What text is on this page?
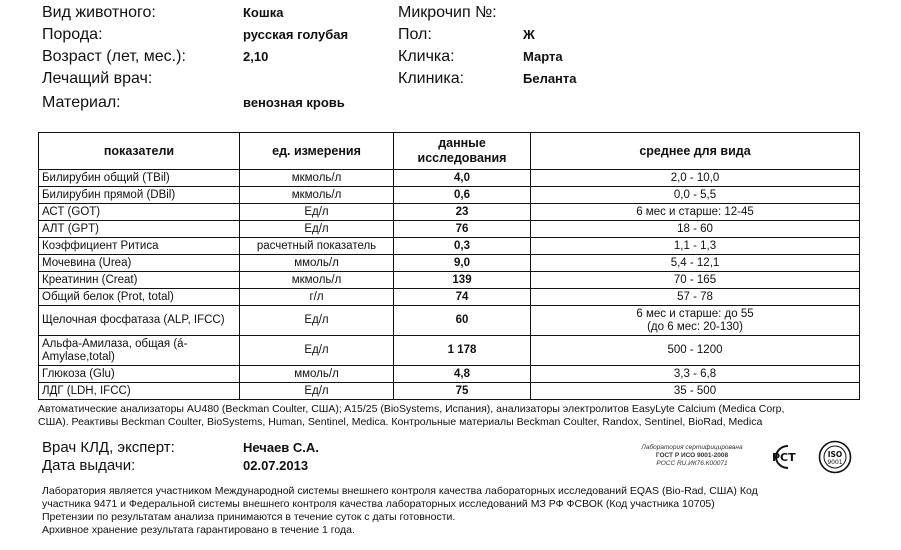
Вид животного:	Кошка
Порода:	русская голубая
Возраст (лет, мес.):	2,10
Лечащий врач:
Материал:	венозная кровь
Микрочип №:
Пол:	Ж
Кличка:	Марта
Клиника:	Беланта
показатели	ед. измерения	данные исследования	среднее для вида
Билирубин общий (TBil)	мкмоль/л	4,0	2,0 - 10,0
Билирубин прямой (DBil)	мкмоль/л	0,6	0,0 - 5,5
АСТ (GOT)	Ед/л	23	6 мес и старше: 12-45
АЛТ (GPT)	Ед/л	76	18 - 60
Коэффициент Ритиса	расчетный показатель	0,3	1,1 - 1,3
Мочевина (Urea)	ммоль/л	9,0	5,4 - 12,1
Креатинин (Creat)	мкмоль/л	139	70 - 165
Общий белок (Prot, total)	г/л	74	57 - 78
Щелочная фосфатаза (ALP, IFCC)	Ед/л	60	6 мес и старше: до 55
(до 6 мес: 20-130)

Альфа-Амилаза, общая (á-Amylase,total)	Ед/л	1 178	500 - 1200
Глюкоза (Glu)	ммоль/л	4,8	3,3 - 6,8
ЛДГ (LDH, IFCC)	Ед/л	75	35 - 500
Автоматические анализаторы AU480 (Beckman Coulter, США); A15/25 (BioSystems, Испания), анализаторы электролитов EasyLyte Calcium (Medica Corp,
США). Реактивы Beckman Coulter, BioSystems, Human, Sentinel, Medica. Контрольные материалы Beckman Coulter, Randox, Sentinel, BioRad, Medica
Врач КЛД, эксперт:	Нечаев С.А.
Дата выдачи:	02.07.2013
Лаборатория сертифицирована
ГОСТ Р ИСО 9001-2008
РОСС RU.ИК76.К00071	РСТ	ISO
9001
Лаборатория является участником Международной системы внешнего контроля качества лабораторных исследований EQAS (Bio-Rad, США) Код
участника 9471 и Федеральной системы внешнего контроля качества лабораторных исследований МЗ РФ ФСВОК (Код участника 10705)
Претензии по результатам анализа принимаются в течение суток с даты готовности.
Архивное хранение результата гарантировано в течение 1 года.
